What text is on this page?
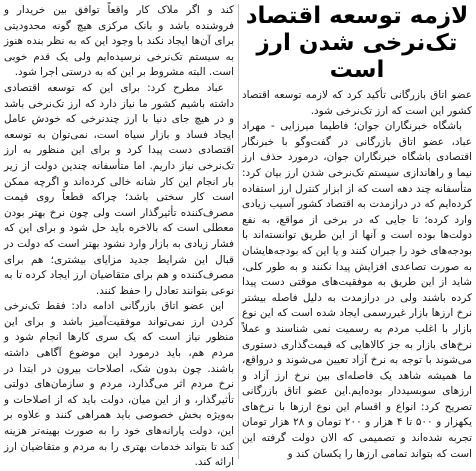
لازمه توسعه اقتصاد
تک‌نرخی شدن ارز است

عضو اتاق بازرگانی تأکید کرد که لازمه توسعه اقتصاد کشور این است که ارز تک‌نرخی شود.

باشگاه خبرنگاران جوان؛ فاطیما میرزایی - مهراد عباد، عضو اتاق بازرگانی در گفت‌وگو با خبرنگار اقتصادی باشگاه خبرنگاران جوان، درمورد حذف ارز نیما و راهاندازی سیستم تک‌نرخی شدن ارز بیان کرد: متأسفانه چند دهه است که از ابزار کنترل ارز استفاده کرده‌ایم که در درازمدت به اقتصاد کشور آسیب زیادی وارد کرده؛ تا جایی که در برخی از مواقع، به نفع دولت‌ها بوده است و آنها از این طریق توانسته‌اند با بودجه‌های خود را جبران کنند و یا این که بودجه‌هایشان به صورت تصاعدی افزایش پیدا نکنند و به طور کلی، شاید از این طریق به موفقیت‌های موقتی دست پیدا کرده باشند ولی در درازمدت به دلیل فاصله بیشتر نرخ ارزها بازار غیررسمی ایجاد شده است که این نوع بازار با اغلب مردم به رسمیت نمی شناسند و عملاً نرخ‌های بازار به جز کالاهایی که قیمت‌گذاری دستوری می‌شوند با توجه به نرخ آزاد تعیین می‌شوند و درواقع، ما همیشه شاهد یک فاصله‌ای بین نرخ ارز آزاد و ارزهای سوبسیددار بوده‌ایم.این عضو اتاق بازرگانی تصریح کرد: انواع و اقسام این نوع ارزها با نرخ‌های یکهزار و ۵۰۰ تا ۴ هزار و ۲۰۰ تومان و ۲۸ هزار تومان تجربه شده‌اند و تصمیمی که الان دولت گرفته این است که بتواند تمامی ارزها را یکسان کند و

کند و اگر ملاک کار واقعاً توافق بین خریدار و فروشنده باشد و بانک مرکزی هیچ گونه محدودیتی برای آن‌ها ایجاد نکند با وجود این که به نظر بنده هنوز به سیستم تک‌نرخی نرسیده‌ایم ولی یک قدم خوبی است. البته مشروط بر این که به درستی اجرا شود.

عباد مطرح کرد: برای این که توسعه اقتصادی داشته باشیم کشور ما نیاز دارد که ارز تک‌نرخی باشد و در هیچ جای دنیا با ارز چندنرخی که خودش عامل ایجاد فساد و بازار سیاه است، نمی‌توان به توسعه اقتصادی دست پیدا کرد و برای این منظور به ارز تک‌نرخی نیاز داریم. اما متأسفانه چندین دولت از زیر بار انجام این کار شانه خالی کرده‌اند و اگرچه ممکن است کار سختی باشد؛ چراکه قطعاً روی قیمت مصرف‌کننده تأثیرگذار است ولی چون نرخ بهتر بودن معطلی است که بالاخره باید حل شود و برای این که فشار زیادی به بازار وارد نشود بهتر است که دولت در قبال این شرایط جدید مزایای بیشتری؛ هم برای مصرف‌کننده و هم برای متقاضیان ارز ایجاد کرده تا به نوعی بتوانند تعادل را حفظ کنند.

این عضو اتاق بازرگانی ادامه داد: فقط تک‌نرخی کردن ارز نمی‌تواند موفقیت‌آمیز باشد و برای این منظور نیاز است که یک سری کارها انجام شود و مردم هم، باید درمورد این موضوع آگاهی داشته باشند. چون بدون شک، اصلاحات بیرون در ابتدا در نرخ مردم اثر می‌گذارد، مردم و سازمان‌های دولتی تأثیرگذار، و از این میان، دولت باید که از اصلاحات و به‌ویژه بخش خصوصی باید همراهی کنند و علاوه بر این، دولت یارانه‌های خود را به صورت بهینه‌تر هزینه کند تا بتواند خدمات بهتری را به مردم و متقاضیان ارز ارائه کند.
